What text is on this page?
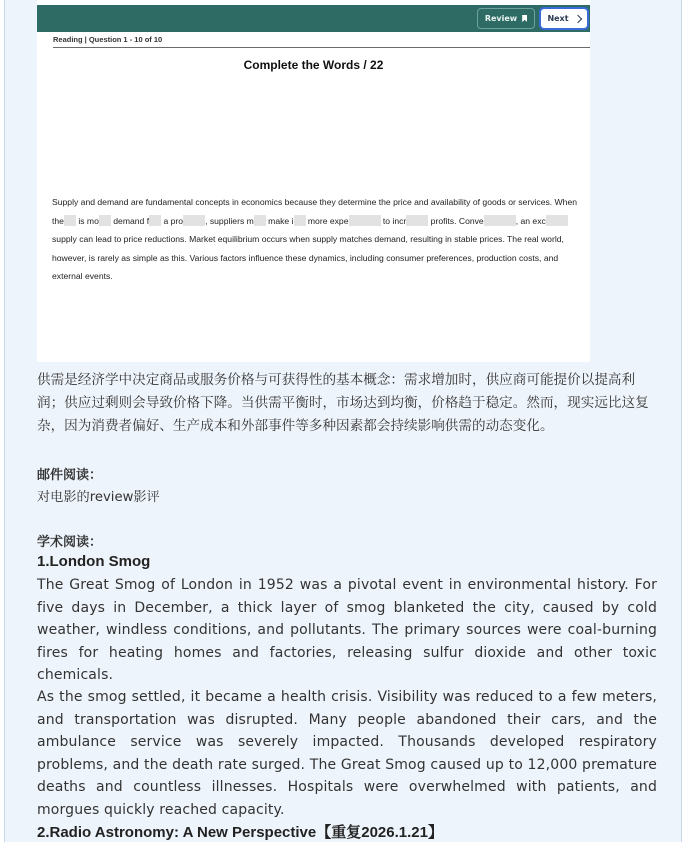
Review	Next
Reading | Question 1 - 10 of 10
Complete the Words / 22
Supply and demand are fundamental concepts in economics because they determine the price and availability of goods or services. When the is mo demand f a pro	, suppliers m make i more expe	to incr	profits. Conve	, an exc supply can lead to price reductions. Market equilibrium occurs when supply matches demand, resulting in stable prices. The real world, however, is rarely as simple as this. Various factors influence these dynamics, including consumer preferences, production costs, and external events.
供需是经济学中决定商品或服务价格与可获得性的基本概念：需求增加时，供应商可能提价以提高利润；供应过剩则会导致价格下降。当供需平衡时，市场达到均衡，价格趋于稳定。然而，现实远比这复杂，因为消费者偏好、生产成本和外部事件等多种因素都会持续影响供需的动态变化。
邮件阅读：
对电影的review影评
学术阅读：
1.London Smog
The Great Smog of London in 1952 was a pivotal event in environmental history. For five days in December, a thick layer of smog blanketed the city, caused by cold weather, windless conditions, and pollutants. The primary sources were coal-burning fires for heating homes and factories, releasing sulfur dioxide and other toxic chemicals.
As the smog settled, it became a health crisis. Visibility was reduced to a few meters, and transportation was disrupted. Many people abandoned their cars, and the ambulance service was severely impacted. Thousands developed respiratory problems, and the death rate surged. The Great Smog caused up to 12,000 premature deaths and countless illnesses. Hospitals were overwhelmed with patients, and morgues quickly reached capacity.
2.Radio Astronomy: A New Perspective【重复2026.1.21】
